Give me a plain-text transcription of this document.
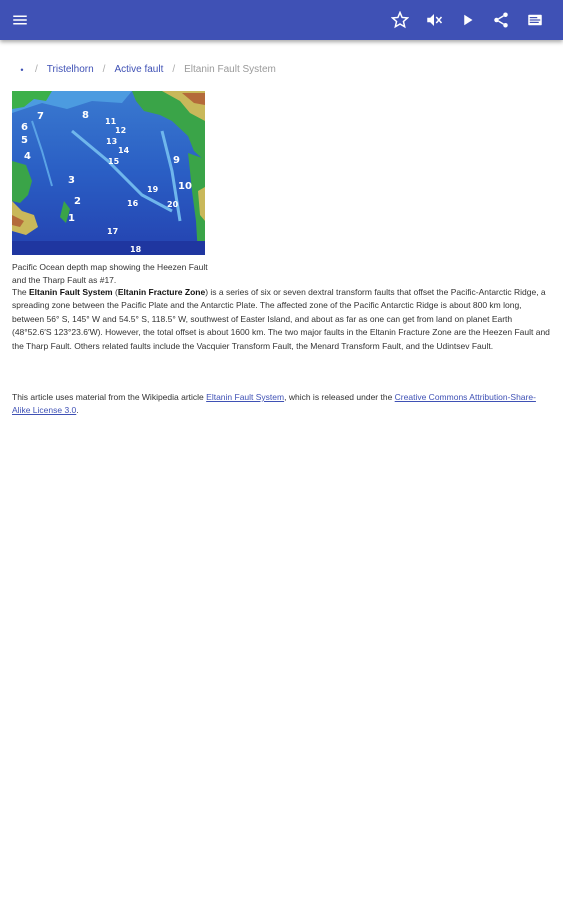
• / Tristelhorn / Active fault / Eltanin Fault System
7	8
11
12
6
13
5
14
4	15	9
10
19
3
16	20
2
1
17
18
Pacific Ocean depth map showing the Heezen Fault and the Tharp Fault as #17.
The Eltanin Fault System (Eltanin Fracture Zone) is a series of six or seven dextral transform faults that offset the Pacific-Antarctic Ridge, a spreading zone between the Pacific Plate and the Antarctic Plate. The affected zone of the Pacific Antarctic Ridge is about 800 km long, between 56° S, 145° W and 54.5° S, 118.5° W, southwest of Easter Island, and about as far as one can get from land on planet Earth (48°52.6′S 123°23.6′W). However, the total offset is about 1600 km. The two major faults in the Eltanin Fracture Zone are the Heezen Fault and the Tharp Fault. Others related faults include the Vacquier Transform Fault, the Menard Transform Fault, and the Udintsev Fault.
This article uses material from the Wikipedia article Eltanin Fault System, which is released under the Creative Commons Attribution-Share-Alike License 3.0.
